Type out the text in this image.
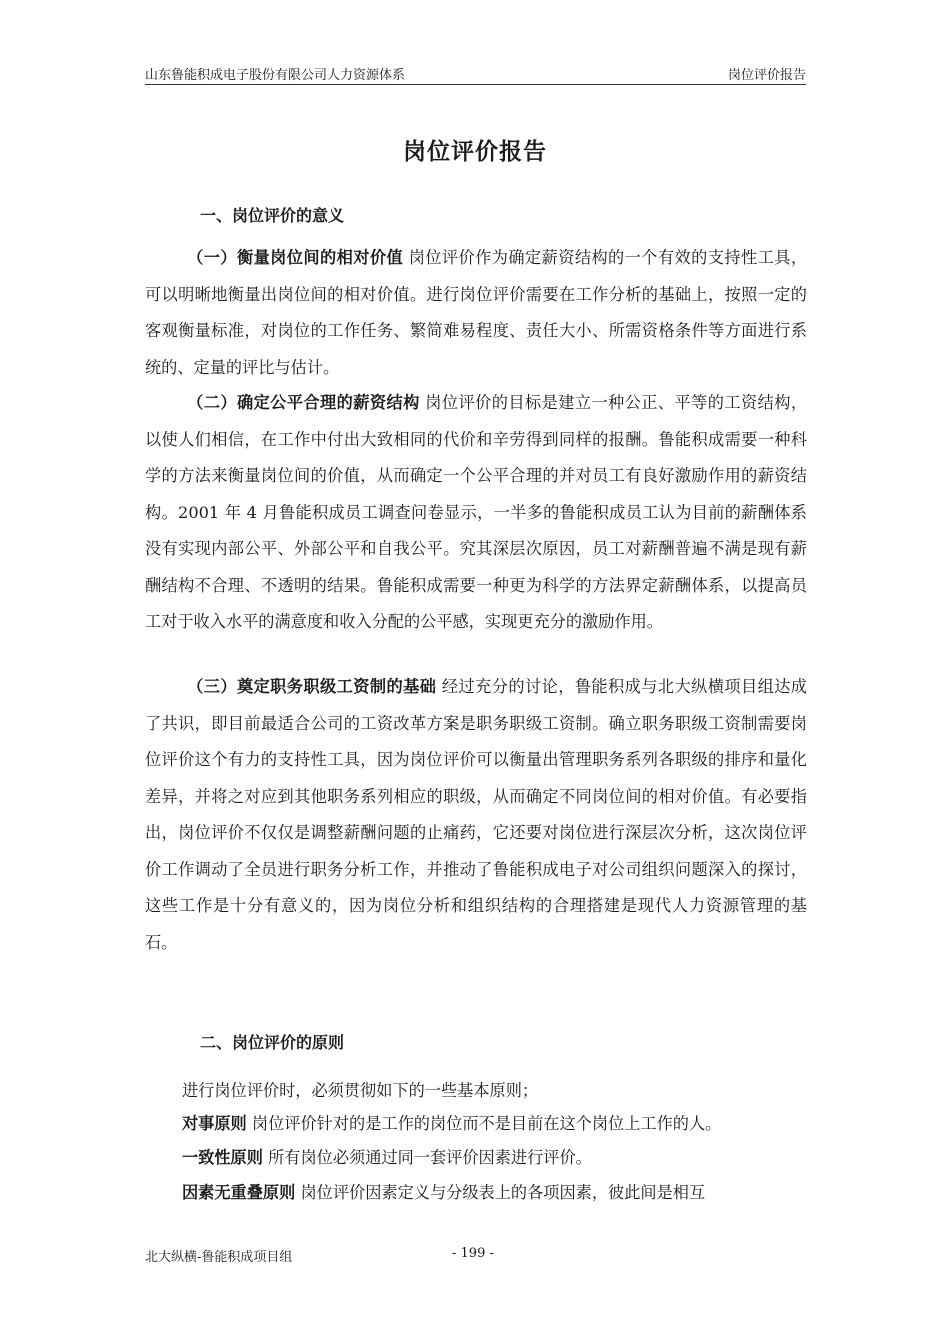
山东鲁能积成电子股份有限公司人力资源体系	岗位评价报告
岗位评价报告
一、岗位评价的意义

（一）衡量岗位间的相对价值 岗位评价作为确定薪资结构的一个有效的支持性工具，可以明晰地衡量出岗位间的相对价值。进行岗位评价需要在工作分析的基础上，按照一定的客观衡量标准，对岗位的工作任务、繁简难易程度、责任大小、所需资格条件等方面进行系统的、定量的评比与估计。

（二）确定公平合理的薪资结构 岗位评价的目标是建立一种公正、平等的工资结构，以使人们相信，在工作中付出大致相同的代价和辛劳得到同样的报酬。鲁能积成需要一种科学的方法来衡量岗位间的价值，从而确定一个公平合理的并对员工有良好激励作用的薪资结构。2001 年 4 月鲁能积成员工调查问卷显示，一半多的鲁能积成员工认为目前的薪酬体系没有实现内部公平、外部公平和自我公平。究其深层次原因，员工对薪酬普遍不满是现有薪酬结构不合理、不透明的结果。鲁能积成需要一种更为科学的方法界定薪酬体系，以提高员工对于收入水平的满意度和收入分配的公平感，实现更充分的激励作用。

（三）奠定职务职级工资制的基础 经过充分的讨论，鲁能积成与北大纵横项目组达成了共识，即目前最适合公司的工资改革方案是职务职级工资制。确立职务职级工资制需要岗位评价这个有力的支持性工具，因为岗位评价可以衡量出管理职务系列各职级的排序和量化差异，并将之对应到其他职务系列相应的职级，从而确定不同岗位间的相对价值。有必要指出，岗位评价不仅仅是调整薪酬问题的止痛药，它还要对岗位进行深层次分析，这次岗位评价工作调动了全员进行职务分析工作，并推动了鲁能积成电子对公司组织问题深入的探讨，这些工作是十分有意义的，因为岗位分析和组织结构的合理搭建是现代人力资源管理的基石。

二、岗位评价的原则

进行岗位评价时，必须贯彻如下的一些基本原则；

对事原则 岗位评价针对的是工作的岗位而不是目前在这个岗位上工作的人。

一致性原则 所有岗位必须通过同一套评价因素进行评价。

因素无重叠原则 岗位评价因素定义与分级表上的各项因素，彼此间是相互

北大纵横-鲁能积成项目组	- 199 -
